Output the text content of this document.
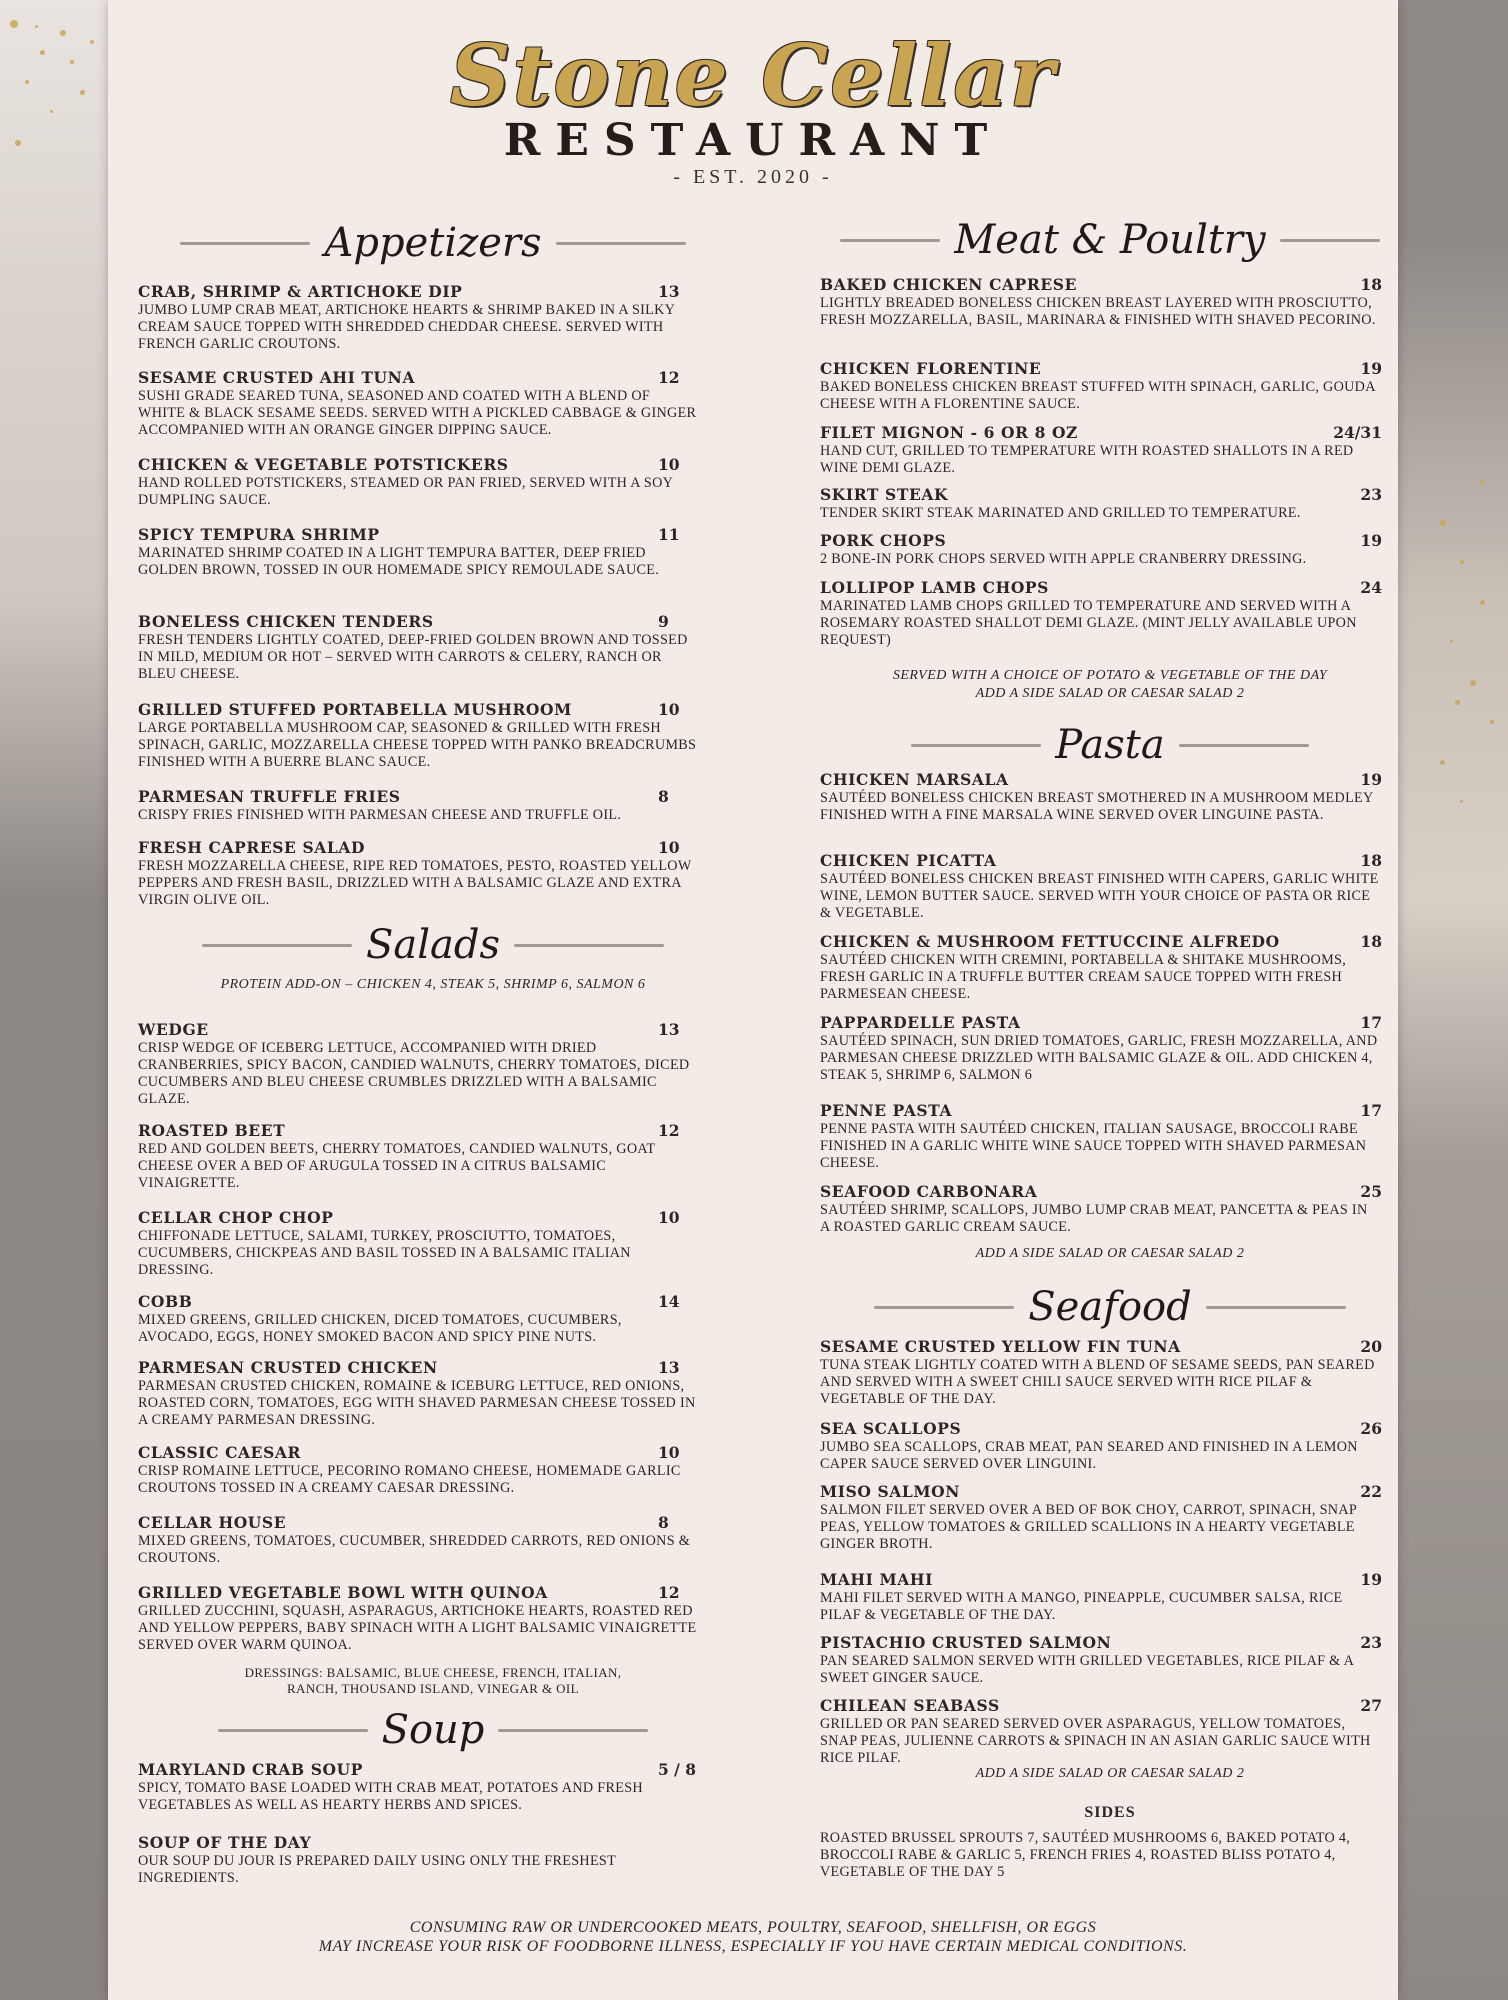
Stone Cellar
RESTAURANT
- EST. 2020 -
Appetizers
CRAB, SHRIMP & ARTICHOKE DIP	13
JUMBO LUMP CRAB MEAT, ARTICHOKE HEARTS & SHRIMP BAKED IN A SILKY CREAM SAUCE TOPPED WITH SHREDDED CHEDDAR CHEESE. SERVED WITH FRENCH GARLIC CROUTONS.
SESAME CRUSTED AHI TUNA	12
SUSHI GRADE SEARED TUNA, SEASONED AND COATED WITH A BLEND OF WHITE & BLACK SESAME SEEDS. SERVED WITH A PICKLED CABBAGE & GINGER ACCOMPANIED WITH AN ORANGE GINGER DIPPING SAUCE.
CHICKEN & VEGETABLE POTSTICKERS	10
HAND ROLLED POTSTICKERS, STEAMED OR PAN FRIED, SERVED WITH A SOY DUMPLING SAUCE.
SPICY TEMPURA SHRIMP	11
MARINATED SHRIMP COATED IN A LIGHT TEMPURA BATTER, DEEP FRIED GOLDEN BROWN, TOSSED IN OUR HOMEMADE SPICY REMOULADE SAUCE.
BONELESS CHICKEN TENDERS	9
FRESH TENDERS LIGHTLY COATED, DEEP-FRIED GOLDEN BROWN AND TOSSED IN MILD, MEDIUM OR HOT – SERVED WITH CARROTS & CELERY, RANCH OR BLEU CHEESE.
GRILLED STUFFED PORTABELLA MUSHROOM	10
LARGE PORTABELLA MUSHROOM CAP, SEASONED & GRILLED WITH FRESH SPINACH, GARLIC, MOZZARELLA CHEESE TOPPED WITH PANKO BREADCRUMBS FINISHED WITH A BUERRE BLANC SAUCE.
PARMESAN TRUFFLE FRIES	8
CRISPY FRIES FINISHED WITH PARMESAN CHEESE AND TRUFFLE OIL.
FRESH CAPRESE SALAD	10
FRESH MOZZARELLA CHEESE, RIPE RED TOMATOES, PESTO, ROASTED YELLOW PEPPERS AND FRESH BASIL, DRIZZLED WITH A BALSAMIC GLAZE AND EXTRA VIRGIN OLIVE OIL.
Salads
PROTEIN ADD-ON – CHICKEN 4, STEAK 5, SHRIMP 6, SALMON 6
WEDGE	13
CRISP WEDGE OF ICEBERG LETTUCE, ACCOMPANIED WITH DRIED CRANBERRIES, SPICY BACON, CANDIED WALNUTS, CHERRY TOMATOES, DICED CUCUMBERS AND BLEU CHEESE CRUMBLES DRIZZLED WITH A BALSAMIC GLAZE.
ROASTED BEET	12
RED AND GOLDEN BEETS, CHERRY TOMATOES, CANDIED WALNUTS, GOAT CHEESE OVER A BED OF ARUGULA TOSSED IN A CITRUS BALSAMIC VINAIGRETTE.
CELLAR CHOP CHOP	10
CHIFFONADE LETTUCE, SALAMI, TURKEY, PROSCIUTTO, TOMATOES, CUCUMBERS, CHICKPEAS AND BASIL TOSSED IN A BALSAMIC ITALIAN DRESSING.
COBB	14
MIXED GREENS, GRILLED CHICKEN, DICED TOMATOES, CUCUMBERS, AVOCADO, EGGS, HONEY SMOKED BACON AND SPICY PINE NUTS.
PARMESAN CRUSTED CHICKEN	13
PARMESAN CRUSTED CHICKEN, ROMAINE & ICEBURG LETTUCE, RED ONIONS, ROASTED CORN, TOMATOES, EGG WITH SHAVED PARMESAN CHEESE TOSSED IN A CREAMY PARMESAN DRESSING.
CLASSIC CAESAR	10
CRISP ROMAINE LETTUCE, PECORINO ROMANO CHEESE, HOMEMADE GARLIC CROUTONS TOSSED IN A CREAMY CAESAR DRESSING.
CELLAR HOUSE	8
MIXED GREENS, TOMATOES, CUCUMBER, SHREDDED CARROTS, RED ONIONS & CROUTONS.
GRILLED VEGETABLE BOWL WITH QUINOA	12
GRILLED ZUCCHINI, SQUASH, ASPARAGUS, ARTICHOKE HEARTS, ROASTED RED AND YELLOW PEPPERS, BABY SPINACH WITH A LIGHT BALSAMIC VINAIGRETTE SERVED OVER WARM QUINOA.
DRESSINGS: BALSAMIC, BLUE CHEESE, FRENCH, ITALIAN,
RANCH, THOUSAND ISLAND, VINEGAR & OIL
Soup
MARYLAND CRAB SOUP	5 / 8
SPICY, TOMATO BASE LOADED WITH CRAB MEAT, POTATOES AND FRESH VEGETABLES AS WELL AS HEARTY HERBS AND SPICES.
SOUP OF THE DAY
OUR SOUP DU JOUR IS PREPARED DAILY USING ONLY THE FRESHEST INGREDIENTS.
Meat & Poultry
BAKED CHICKEN CAPRESE	18
LIGHTLY BREADED BONELESS CHICKEN BREAST LAYERED WITH PROSCIUTTO, FRESH MOZZARELLA, BASIL, MARINARA & FINISHED WITH SHAVED PECORINO.
CHICKEN FLORENTINE	19
BAKED BONELESS CHICKEN BREAST STUFFED WITH SPINACH, GARLIC, GOUDA CHEESE WITH A FLORENTINE SAUCE.
FILET MIGNON - 6 OR 8 OZ	24/31
HAND CUT, GRILLED TO TEMPERATURE WITH ROASTED SHALLOTS IN A RED WINE DEMI GLAZE.
SKIRT STEAK	23
TENDER SKIRT STEAK MARINATED AND GRILLED TO TEMPERATURE.
PORK CHOPS	19
2 BONE-IN PORK CHOPS SERVED WITH APPLE CRANBERRY DRESSING.
LOLLIPOP LAMB CHOPS	24
MARINATED LAMB CHOPS GRILLED TO TEMPERATURE AND SERVED WITH A ROSEMARY ROASTED SHALLOT DEMI GLAZE. (MINT JELLY AVAILABLE UPON REQUEST)
SERVED WITH A CHOICE OF POTATO & VEGETABLE OF THE DAY
ADD A SIDE SALAD OR CAESAR SALAD 2
Pasta
CHICKEN MARSALA	19
SAUTÉED BONELESS CHICKEN BREAST SMOTHERED IN A MUSHROOM MEDLEY FINISHED WITH A FINE MARSALA WINE SERVED OVER LINGUINE PASTA.
CHICKEN PICATTA	18
SAUTÉED BONELESS CHICKEN BREAST FINISHED WITH CAPERS, GARLIC WHITE WINE, LEMON BUTTER SAUCE. SERVED WITH YOUR CHOICE OF PASTA OR RICE & VEGETABLE.
CHICKEN & MUSHROOM FETTUCCINE ALFREDO	18
SAUTÉED CHICKEN WITH CREMINI, PORTABELLA & SHITAKE MUSHROOMS, FRESH GARLIC IN A TRUFFLE BUTTER CREAM SAUCE TOPPED WITH FRESH PARMESEAN CHEESE.
PAPPARDELLE PASTA	17
SAUTÉED SPINACH, SUN DRIED TOMATOES, GARLIC, FRESH MOZZARELLA, AND PARMESAN CHEESE DRIZZLED WITH BALSAMIC GLAZE & OIL. ADD CHICKEN 4, STEAK 5, SHRIMP 6, SALMON 6
PENNE PASTA	17
PENNE PASTA WITH SAUTÉED CHICKEN, ITALIAN SAUSAGE, BROCCOLI RABE FINISHED IN A GARLIC WHITE WINE SAUCE TOPPED WITH SHAVED PARMESAN CHEESE.
SEAFOOD CARBONARA	25
SAUTÉED SHRIMP, SCALLOPS, JUMBO LUMP CRAB MEAT, PANCETTA & PEAS IN A ROASTED GARLIC CREAM SAUCE.
ADD A SIDE SALAD OR CAESAR SALAD 2
Seafood
SESAME CRUSTED YELLOW FIN TUNA	20
TUNA STEAK LIGHTLY COATED WITH A BLEND OF SESAME SEEDS, PAN SEARED AND SERVED WITH A SWEET CHILI SAUCE SERVED WITH RICE PILAF & VEGETABLE OF THE DAY.
SEA SCALLOPS	26
JUMBO SEA SCALLOPS, CRAB MEAT, PAN SEARED AND FINISHED IN A LEMON CAPER SAUCE SERVED OVER LINGUINI.
MISO SALMON	22
SALMON FILET SERVED OVER A BED OF BOK CHOY, CARROT, SPINACH, SNAP PEAS, YELLOW TOMATOES & GRILLED SCALLIONS IN A HEARTY VEGETABLE GINGER BROTH.
MAHI MAHI	19
MAHI FILET SERVED WITH A MANGO, PINEAPPLE, CUCUMBER SALSA, RICE PILAF & VEGETABLE OF THE DAY.
PISTACHIO CRUSTED SALMON	23
PAN SEARED SALMON SERVED WITH GRILLED VEGETABLES, RICE PILAF & A SWEET GINGER SAUCE.
CHILEAN SEABASS	27
GRILLED OR PAN SEARED SERVED OVER ASPARAGUS, YELLOW TOMATOES, SNAP PEAS, JULIENNE CARROTS & SPINACH IN AN ASIAN GARLIC SAUCE WITH RICE PILAF.
ADD A SIDE SALAD OR CAESAR SALAD 2
SIDES
ROASTED BRUSSEL SPROUTS 7, SAUTÉED MUSHROOMS 6, BAKED POTATO 4, BROCCOLI RABE & GARLIC 5, FRENCH FRIES 4, ROASTED BLISS POTATO 4, VEGETABLE OF THE DAY 5
CONSUMING RAW OR UNDERCOOKED MEATS, POULTRY, SEAFOOD, SHELLFISH, OR EGGS
MAY INCREASE YOUR RISK OF FOODBORNE ILLNESS, ESPECIALLY IF YOU HAVE CERTAIN MEDICAL CONDITIONS.
